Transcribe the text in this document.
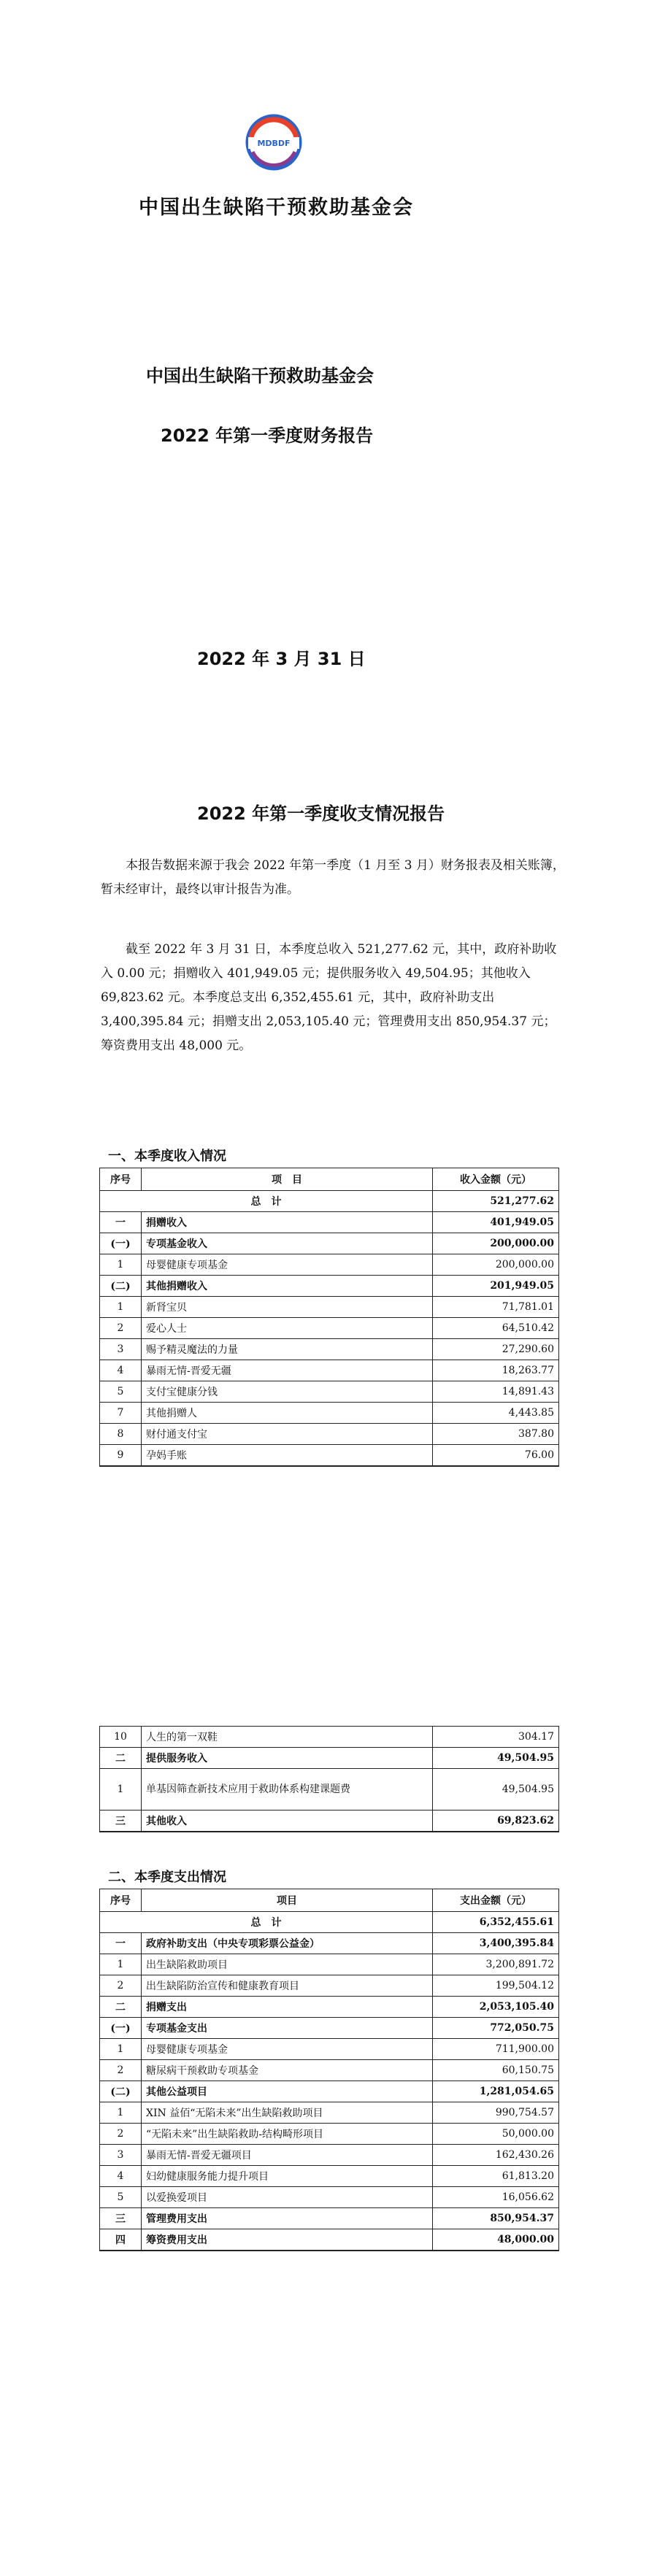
MDBDF
中国出生缺陷干预救助基金会
中国出生缺陷干预救助基金会
2022 年第一季度财务报告
2022 年 3 月 31 日
2022 年第一季度收支情况报告
本报告数据来源于我会 2022 年第一季度（1 月至 3 月）财务报表及相关账簿，暂未经审计，最终以审计报告为准。
截至 2022 年 3 月 31 日，本季度总收入 521,277.62 元，其中，政府补助收入 0.00 元；捐赠收入 401,949.05 元；提供服务收入 49,504.95；其他收入 69,823.62 元。本季度总支出 6,352,455.61 元，其中，政府补助支出 3,400,395.84 元；捐赠支出 2,053,105.40 元；管理费用支出 850,954.37 元；筹资费用支出 48,000 元。
一、本季度收入情况
序号	项　目	收入金额（元）
总　计		521,277.62
一	捐赠收入	401,949.05
(一)	专项基金收入	200,000.00
1	母婴健康专项基金	200,000.00
(二)	其他捐赠收入	201,949.05
1	新肾宝贝	71,781.01
2	爱心人士	64,510.42
3	赐予精灵魔法的力量	27,290.60
4	暴雨无情-晋爱无疆	18,263.77
5	支付宝健康分钱	14,891.43
7	其他捐赠人	4,443.85
8	财付通支付宝	387.80
9	孕妈手账	76.00
10	人生的第一双鞋	304.17
二	提供服务收入	49,504.95
1	单基因筛查新技术应用于救助体系构建课题费	49,504.95
三	其他收入	69,823.62
二、本季度支出情况
序号	项目	支出金额（元）
总　计		6,352,455.61
一	政府补助支出（中央专项彩票公益金）	3,400,395.84
1	出生缺陷救助项目	3,200,891.72
2	出生缺陷防治宣传和健康教育项目	199,504.12
二	捐赠支出	2,053,105.40
(一)	专项基金支出	772,050.75
1	母婴健康专项基金	711,900.00
2	糖尿病干预救助专项基金	60,150.75
(二)	其他公益项目	1,281,054.65
1	XIN 益佰“无陷未来”出生缺陷救助项目	990,754.57
2	“无陷未来”出生缺陷救助-结构畸形项目	50,000.00
3	暴雨无情-晋爱无疆项目	162,430.26
4	妇幼健康服务能力提升项目	61,813.20
5	以爱换爱项目	16,056.62
三	管理费用支出	850,954.37
四	筹资费用支出	48,000.00
